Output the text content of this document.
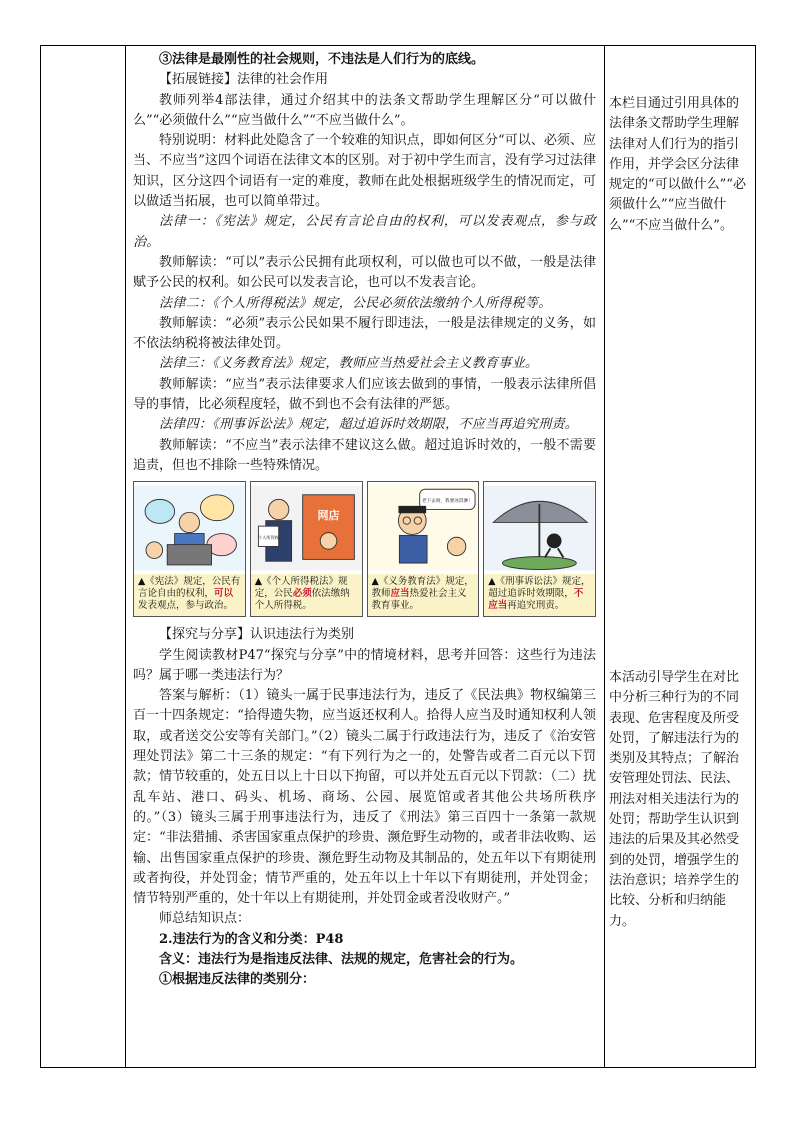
③法律是最刚性的社会规则，不违法是人们行为的底线。

【拓展链接】法律的社会作用

教师列举4部法律，通过介绍其中的法条文帮助学生理解区分“可以做什么”“必须做什么”“应当做什么”“不应当做什么”。

特别说明：材料此处隐含了一个较难的知识点，即如何区分“可以、必须、应当、不应当”这四个词语在法律文本的区别。对于初中学生而言，没有学习过法律知识，区分这四个词语有一定的难度，教师在此处根据班级学生的情况而定，可以做适当拓展，也可以简单带过。

法律一：《宪法》规定，公民有言论自由的权利，可以发表观点，参与政治。

教师解读：“可以”表示公民拥有此项权利，可以做也可以不做，一般是法律赋予公民的权利。如公民可以发表言论，也可以不发表言论。

法律二：《个人所得税法》规定，公民必须依法缴纳个人所得税等。

教师解读：“必须”表示公民如果不履行即违法，一般是法律规定的义务，如不依法纳税将被法律处罚。

法律三：《义务教育法》规定，教师应当热爱社会主义教育事业。

教师解读：“应当”表示法律要求人们应该去做到的事情，一般表示法律所倡导的事情，比必须程度轻，做不到也不会有法律的严惩。

法律四：《刑事诉讼法》规定，超过追诉时效期限，不应当再追究刑责。

教师解读：“不应当”表示法律不建议这么做。超过追诉时效的，一般不需要追责，但也不排除一些特殊情况。

▲《宪法》规定，公民有言论自由的权利，可以发表观点，参与政治。
网店
个人所得税
▲《个人所得税法》规定，公民必须依法缴纳个人所得税。
老下去呀，我要冰淇淋！
▲《义务教育法》规定，教师应当热爱社会主义教育事业。
▲《刑事诉讼法》规定，超过追诉时效期限，不应当再追究刑责。

【探究与分享】认识违法行为类别

学生阅读教材P47“探究与分享”中的情境材料，思考并回答：这些行为违法吗？属于哪一类违法行为？

答案与解析：（1）镜头一属于民事违法行为，违反了《民法典》物权编第三百一十四条规定：“拾得遗失物，应当返还权利人。拾得人应当及时通知权利人领取，或者送交公安等有关部门。”（2）镜头二属于行政违法行为，违反了《治安管理处罚法》第二十三条的规定：“有下列行为之一的，处警告或者二百元以下罚款；情节较重的，处五日以上十日以下拘留，可以并处五百元以下罚款：（二）扰乱车站、港口、码头、机场、商场、公园、展览馆或者其他公共场所秩序的。”（3）镜头三属于刑事违法行为，违反了《刑法》第三百四十一条第一款规定：“非法猎捕、杀害国家重点保护的珍贵、濒危野生动物的，或者非法收购、运输、出售国家重点保护的珍贵、濒危野生动物及其制品的，处五年以下有期徒刑或者拘役，并处罚金；情节严重的，处五年以上十年以下有期徒刑，并处罚金；情节特别严重的，处十年以上有期徒刑，并处罚金或者没收财产。”

师总结知识点：

2.违法行为的含义和分类：P48

含义：违法行为是指违反法律、法规的规定，危害社会的行为。

①根据违反法律的类别分：

本栏目通过引用具体的法律条文帮助学生理解法律对人们行为的指引作用，并学会区分法律规定的“可以做什么”“必须做什么”“应当做什么”“不应当做什么”。
本活动引导学生在对比中分析三种行为的不同表现、危害程度及所受处罚，了解违法行为的类别及其特点；了解治安管理处罚法、民法、刑法对相关违法行为的处罚；帮助学生认识到违法的后果及其必然受到的处罚，增强学生的法治意识；培养学生的比较、分析和归纳能力。
